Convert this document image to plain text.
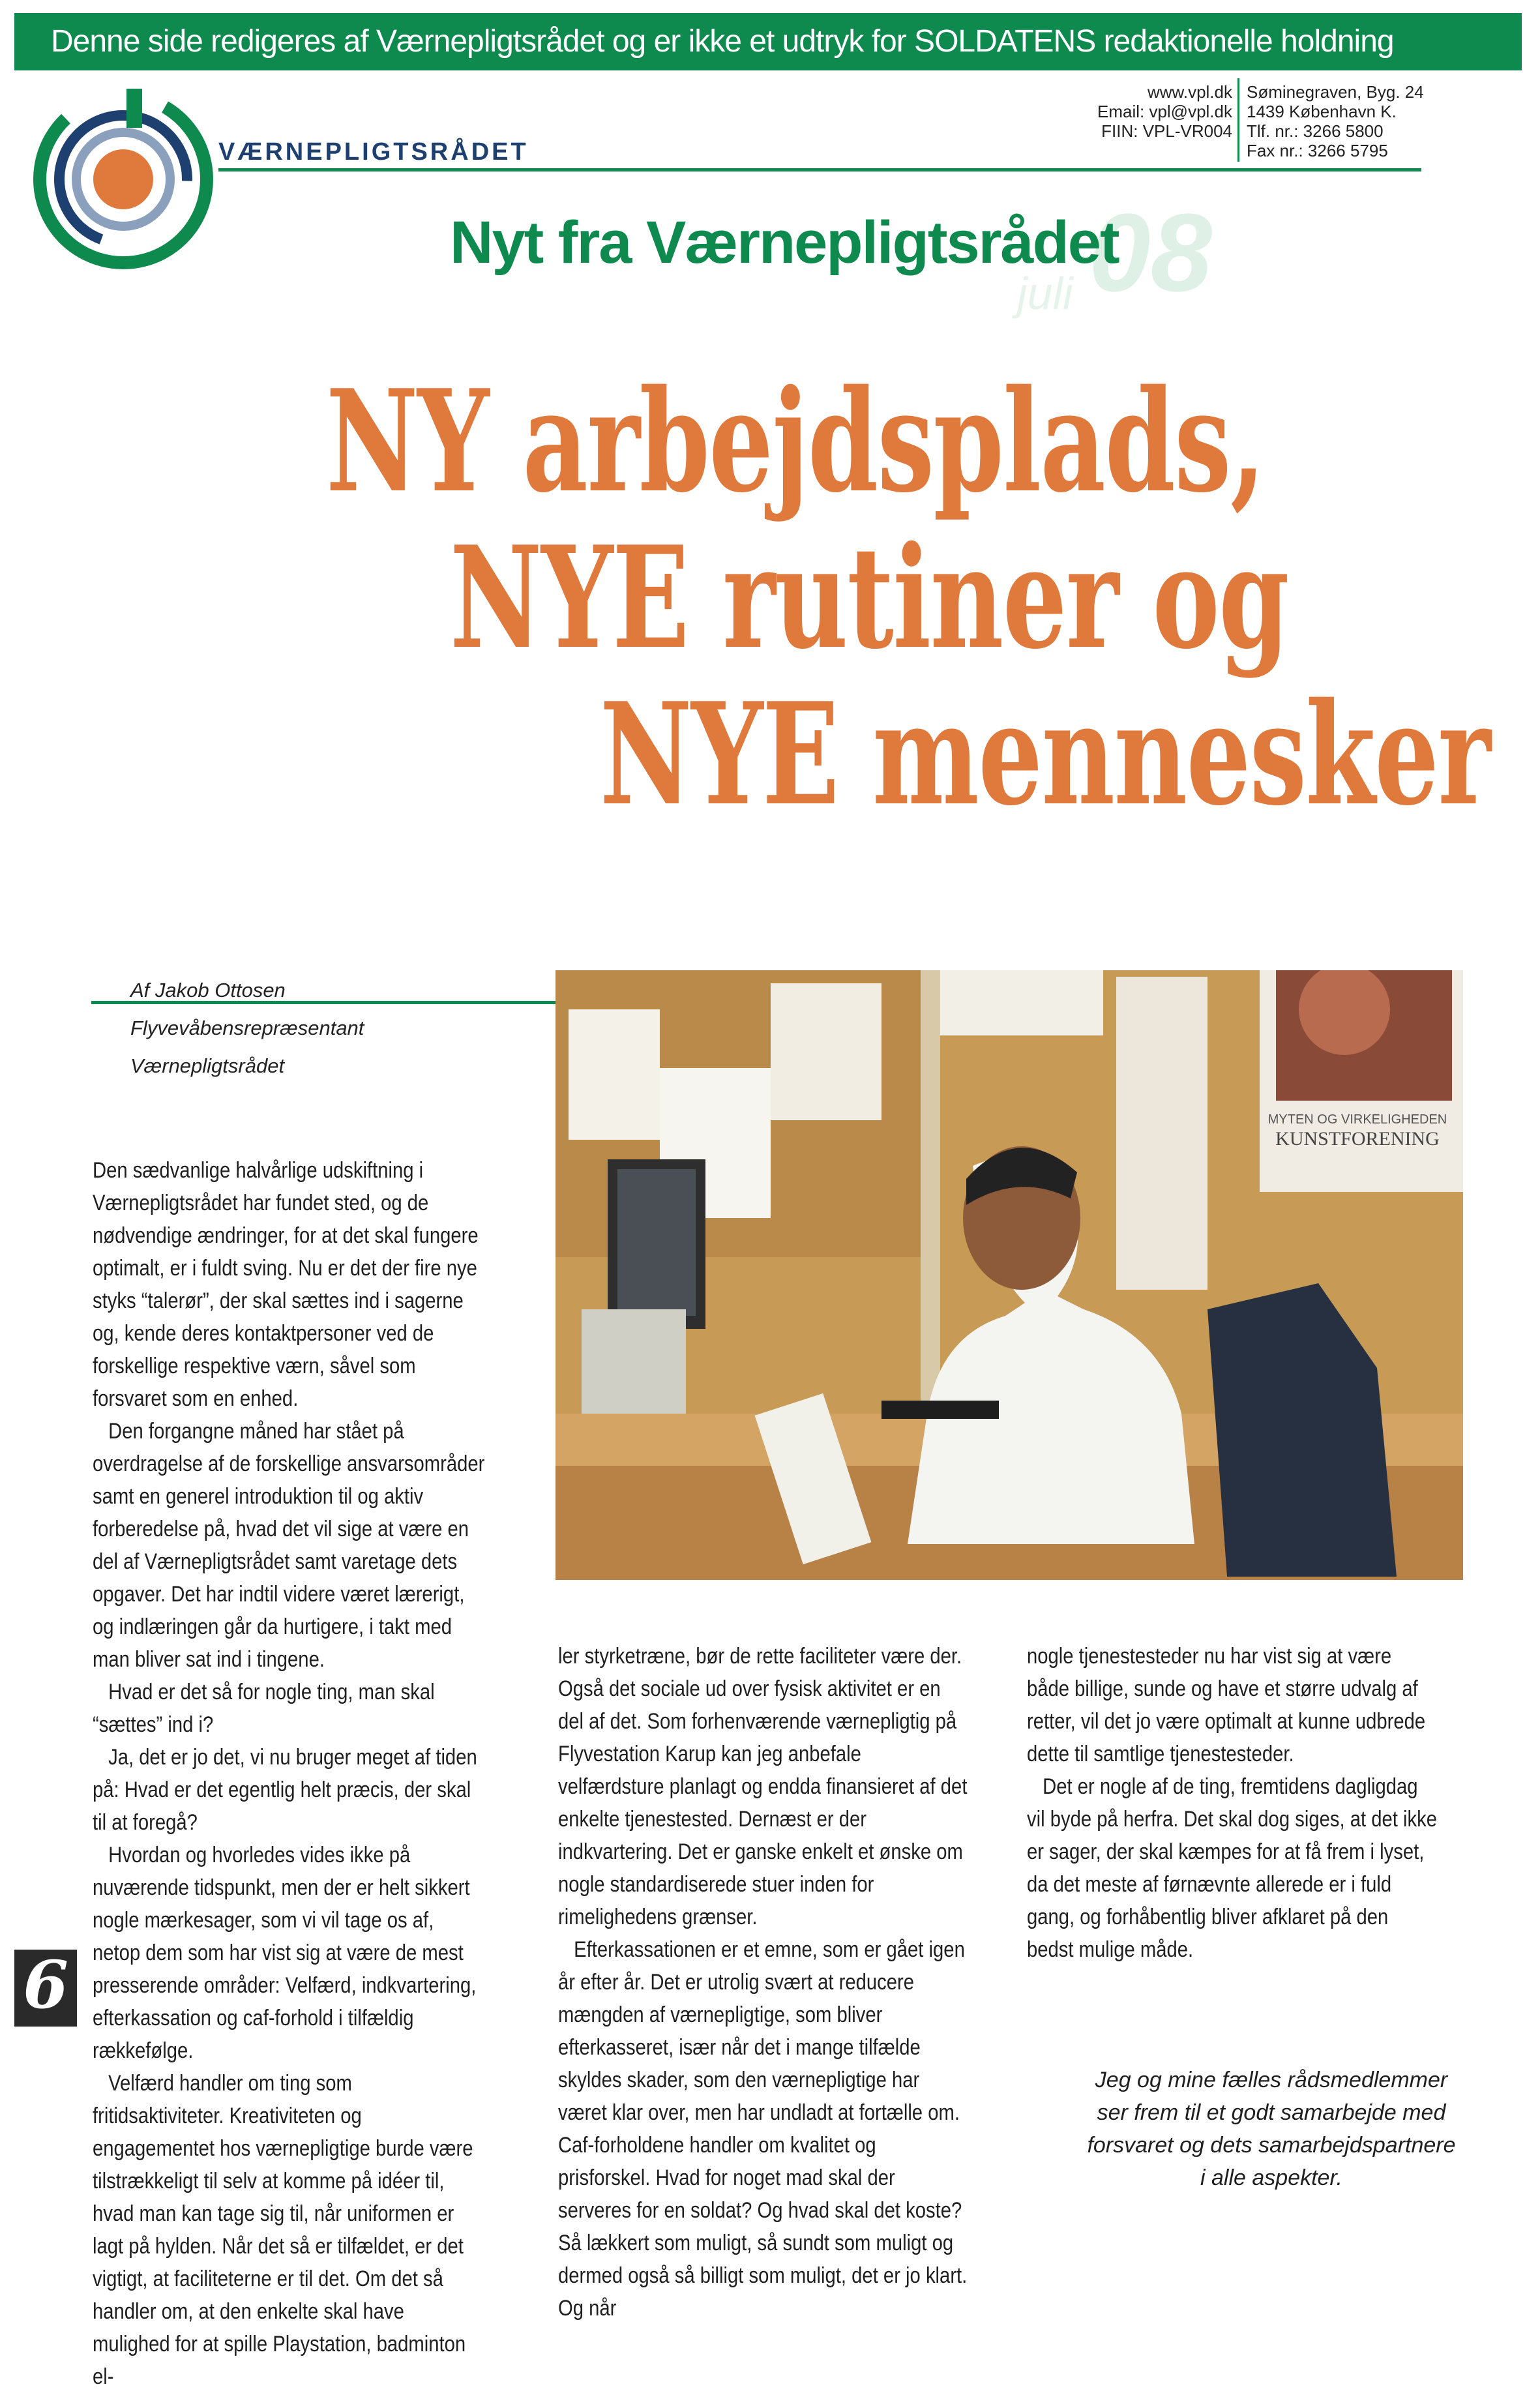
Denne side redigeres af Værnepligtsrådet og er ikke et udtryk for SOLDATENS redaktionelle holdning
VÆRNEPLIGTSRÅDET
www.vpl.dk
Email: vpl@vpl.dk
FIIN: VPL-VR004
Søminegraven, Byg. 24
1439 København K.
Tlf. nr.: 3266 5800
Fax nr.: 3266 5795
08
juli
Nyt fra Værnepligtsrådet
NY arbejdsplads,
NYE rutiner og
NYE mennesker
Af Jakob Ottosen
Flyvevåbensrepræsentant
Værnepligtsrådet
MYTEN OG VIRKELIGHEDEN
KUNSTFORENING

Den sædvanlige halvårlige udskiftning i Værnepligtsrådet har fundet sted, og de nødvendige ændringer, for at det skal fungere optimalt, er i fuldt sving. Nu er det der fire nye styks “talerør”, der skal sættes ind i sagerne og, kende deres kontaktpersoner ved de forskellige respektive værn, såvel som forsvaret som en enhed.

Den forgangne måned har stået på overdragelse af de forskellige ansvarsområder samt en generel introduktion til og aktiv forberedelse på, hvad det vil sige at være en del af Værnepligtsrådet samt varetage dets opgaver. Det har indtil videre været lærerigt, og indlæringen går da hurtigere, i takt med man bliver sat ind i tingene.

Hvad er det så for nogle ting, man skal “sættes” ind i?

Ja, det er jo det, vi nu bruger meget af tiden på: Hvad er det egentlig helt præcis, der skal til at foregå?

Hvordan og hvorledes vides ikke på nuværende tidspunkt, men der er helt sikkert nogle mærkesager, som vi vil tage os af, netop dem som har vist sig at være de mest presserende områder: Velfærd, indkvartering, efterkassation og caf-forhold i tilfældig rækkefølge.

Velfærd handler om ting som fritidsaktiviteter. Kreativiteten og engagementet hos værnepligtige burde være tilstrækkeligt til selv at komme på idéer til, hvad man kan tage sig til, når uniformen er lagt på hylden. Når det så er tilfældet, er det vigtigt, at faciliteterne er til det. Om det så handler om, at den enkelte skal have mulighed for at spille Playstation, badminton el-

ler styrketræne, bør de rette faciliteter være der. Også det sociale ud over fysisk aktivitet er en del af det. Som forhenværende værnepligtig på Flyvestation Karup kan jeg anbefale velfærdsture planlagt og endda finansieret af det enkelte tjenestested. Dernæst er der indkvartering. Det er ganske enkelt et ønske om nogle standardiserede stuer inden for rimelighedens grænser.

Efterkassationen er et emne, som er gået igen år efter år. Det er utrolig svært at reducere mængden af værnepligtige, som bliver efterkasseret, især når det i mange tilfælde skyldes skader, som den værnepligtige har været klar over, men har undladt at fortælle om. Caf-forholdene handler om kvalitet og prisforskel. Hvad for noget mad skal der serveres for en soldat? Og hvad skal det koste? Så lækkert som muligt, så sundt som muligt og dermed også så billigt som muligt, det er jo klart. Og når

nogle tjenestesteder nu har vist sig at være både billige, sunde og have et større udvalg af retter, vil det jo være optimalt at kunne udbrede dette til samtlige tjenestesteder.

Det er nogle af de ting, fremtidens dagligdag vil byde på herfra. Det skal dog siges, at det ikke er sager, der skal kæmpes for at få frem i lyset, da det meste af førnævnte allerede er i fuld gang, og forhåbentlig bliver afklaret på den bedst mulige måde.

6
Jeg og mine fælles rådsmedlemmer ser frem til et godt samarbejde med forsvaret og dets samarbejdspartnere i alle aspekter.
